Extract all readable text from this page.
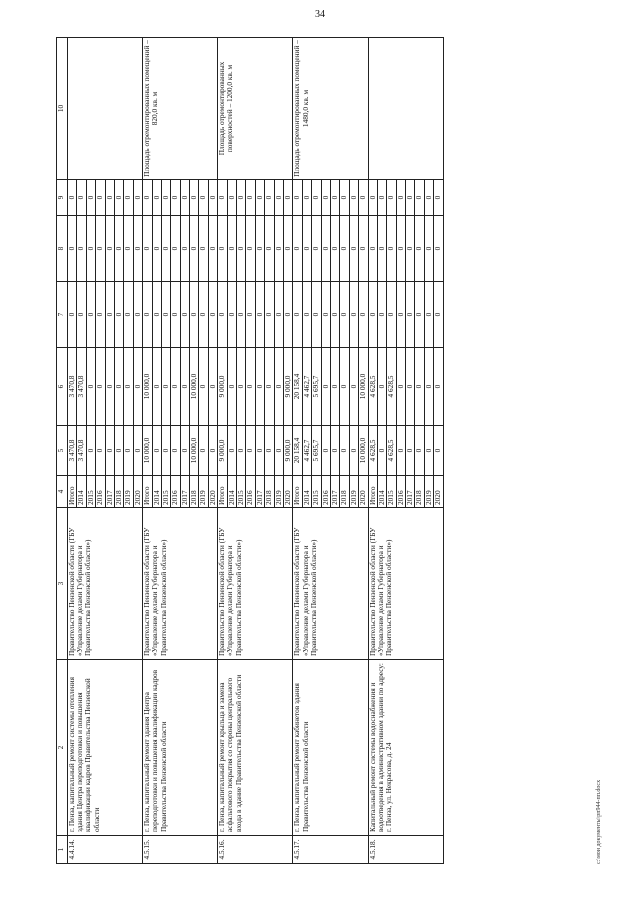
34
1	2	3	4	5	6	7	8	9	10
4.4.14.	г. Пенза, капитальный ремонт системы отопления здания Центра переподготовки и повышения квалификации кадров Правительства Пензенской области	Правительство Пензенской области (ГБУ «Управление делами Губернатора и Правительства Пензенской области»)	Итого	3 470,8	3 470,8	0	0	0	
			2014	3 470,8	3 470,8	0	0	0	
			2015	0	0	0	0	0	
			2016	0	0	0	0	0	
			2017	0	0	0	0	0	
			2018	0	0	0	0	0	
			2019	0	0	0	0	0	
			2020	0	0	0	0	0	
4.5.15.	г. Пенза, капитальный ремонт здания Центра переподготовки и повышения квалификации кадров Правительства Пензенской области	Правительство Пензенской области (ГБУ «Управление делами Губернатора и Правительства Пензенской области»)	Итого	10 000,0	10 000,0	0	0	0	Площадь отремонтированных помещений – 820,0 кв. м
			2014	0	0	0	0	0	
			2015	0	0	0	0	0	
			2016	0	0	0	0	0	
			2017	0	0	0	0	0	
			2018	10 000,0	10 000,0	0	0	0	
			2019	0	0	0	0	0	
			2020	0	0	0	0	0	
4.5.16.	г. Пенза, капитальный ремонт крыльца и замена асфальтового покрытия со стороны центрального входа в здание Правительства Пензенской области	Правительство Пензенской области (ГБУ «Управление делами Губернатора и Правительства Пензенской области»)	Итого	9 000,0	9 000,0	0	0	0	Площадь отремонтированных поверхностей – 1200,0 кв. м
			2014	0	0	0	0	0	
			2015	0	0	0	0	0	
			2016	0	0	0	0	0	
			2017	0	0	0	0	0	
			2018	0	0	0	0	0	
			2019	0	0	0	0	0	
			2020	9 000,0	9 000,0	0	0	0	
4.5.17.	г. Пенза, капитальный ремонт кабинетов здания Правительства Пензенской области	Правительство Пензенской области (ГБУ «Управление делами Губернатора и Правительства Пензенской области»)	Итого	20 158,4	20 158,4	0	0	0	Площадь отремонтированных помещений – 1480,0 кв. м
			2014	4 462,7	4 462,7	0	0	0	
			2015	5 695,7	5 695,7	0	0	0	
			2016	0	0	0	0	0	
			2017	0	0	0	0	0	
			2018	0	0	0	0	0	
			2019	0	0	0	0	0	
			2020	10 000,0	10 000,0	0	0	0	
4.5.18.	Капитальный ремонт системы водоснабжения и водоотведения в административном здании по адресу: г. Пенза, ул. Некрасова, д. 24	Правительство Пензенской области (ГБУ «Управление делами Губернатора и Правительства Пензенской области»)	Итого	4 628,5	4 628,5	0	0	0	
			2014	0	0	0	0	0	
			2015	4 628,5	4 628,5	0	0	0	
			2016	0	0	0	0	0	
			2017	0	0	0	0	0	
			2018	0	0	0	0	0	
			2019	0	0	0	0	0	
			2020	0	0	0	0	0	
c:\мои документы\рп944-пп.docx
